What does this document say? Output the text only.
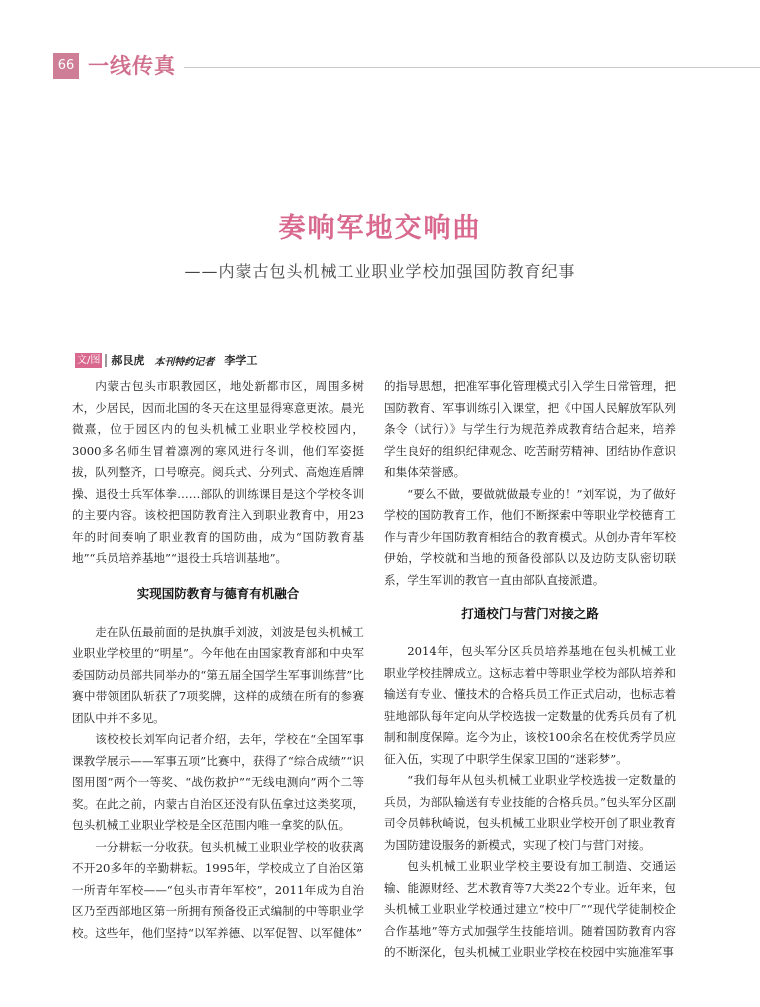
66 一线传真
奏响军地交响曲
——内蒙古包头机械工业职业学校加强国防教育纪事
文/图 郝艮虎 本刊特约记者 李学工

内蒙古包头市职教园区，地处新都市区，周围多树木，少居民，因而北国的冬天在这里显得寒意更浓。晨光微熹，位于园区内的包头机械工业职业学校校园内，3000多名师生冒着凛冽的寒风进行冬训，他们军姿挺拔，队列整齐，口号嘹亮。阅兵式、分列式、高炮连盾牌操、退役士兵军体拳……部队的训练课目是这个学校冬训的主要内容。该校把国防教育注入到职业教育中，用23年的时间奏响了职业教育的国防曲，成为“国防教育基地”“兵员培养基地”“退役士兵培训基地”。

实现国防教育与德育有机融合

走在队伍最前面的是执旗手刘波，刘波是包头机械工业职业学校里的“明星”。今年他在由国家教育部和中央军委国防动员部共同举办的“第五届全国学生军事训练营”比赛中带领团队斩获了7项奖牌，这样的成绩在所有的参赛团队中并不多见。

该校校长刘军向记者介绍，去年，学校在“全国军事课教学展示——军事五项”比赛中，获得了“综合成绩”“识图用图”两个一等奖、“战伤救护”“无线电测向”两个二等奖。在此之前，内蒙古自治区还没有队伍拿过这类奖项，包头机械工业职业学校是全区范围内唯一拿奖的队伍。

一分耕耘一分收获。包头机械工业职业学校的收获离不开20多年的辛勤耕耘。1995年，学校成立了自治区第一所青年军校——“包头市青年军校”，2011年成为自治区乃至西部地区第一所拥有预备役正式编制的中等职业学校。这些年，他们坚持“以军养德、以军促智、以军健体”

的指导思想，把准军事化管理模式引入学生日常管理，把国防教育、军事训练引入课堂，把《中国人民解放军队列条令（试行）》与学生行为规范养成教育结合起来，培养学生良好的组织纪律观念、吃苦耐劳精神、团结协作意识和集体荣誉感。

“要么不做，要做就做最专业的！”刘军说，为了做好学校的国防教育工作，他们不断探索中等职业学校德育工作与青少年国防教育相结合的教育模式。从创办青年军校伊始，学校就和当地的预备役部队以及边防支队密切联系，学生军训的教官一直由部队直接派遣。

打通校门与营门对接之路

2014年，包头军分区兵员培养基地在包头机械工业职业学校挂牌成立。这标志着中等职业学校为部队培养和输送有专业、懂技术的合格兵员工作正式启动，也标志着驻地部队每年定向从学校选拔一定数量的优秀兵员有了机制和制度保障。迄今为止，该校100余名在校优秀学员应征入伍，实现了中职学生保家卫国的“迷彩梦”。

“我们每年从包头机械工业职业学校选拔一定数量的兵员，为部队输送有专业技能的合格兵员。”包头军分区副司令员韩秋崎说，包头机械工业职业学校开创了职业教育为国防建设服务的新模式，实现了校门与营门对接。

包头机械工业职业学校主要设有加工制造、交通运输、能源财经、艺术教育等7大类22个专业。近年来，包头机械工业职业学校通过建立“校中厂”“现代学徒制校企合作基地”等方式加强学生技能培训。随着国防教育内容的不断深化，包头机械工业职业学校在校园中实施准军事
